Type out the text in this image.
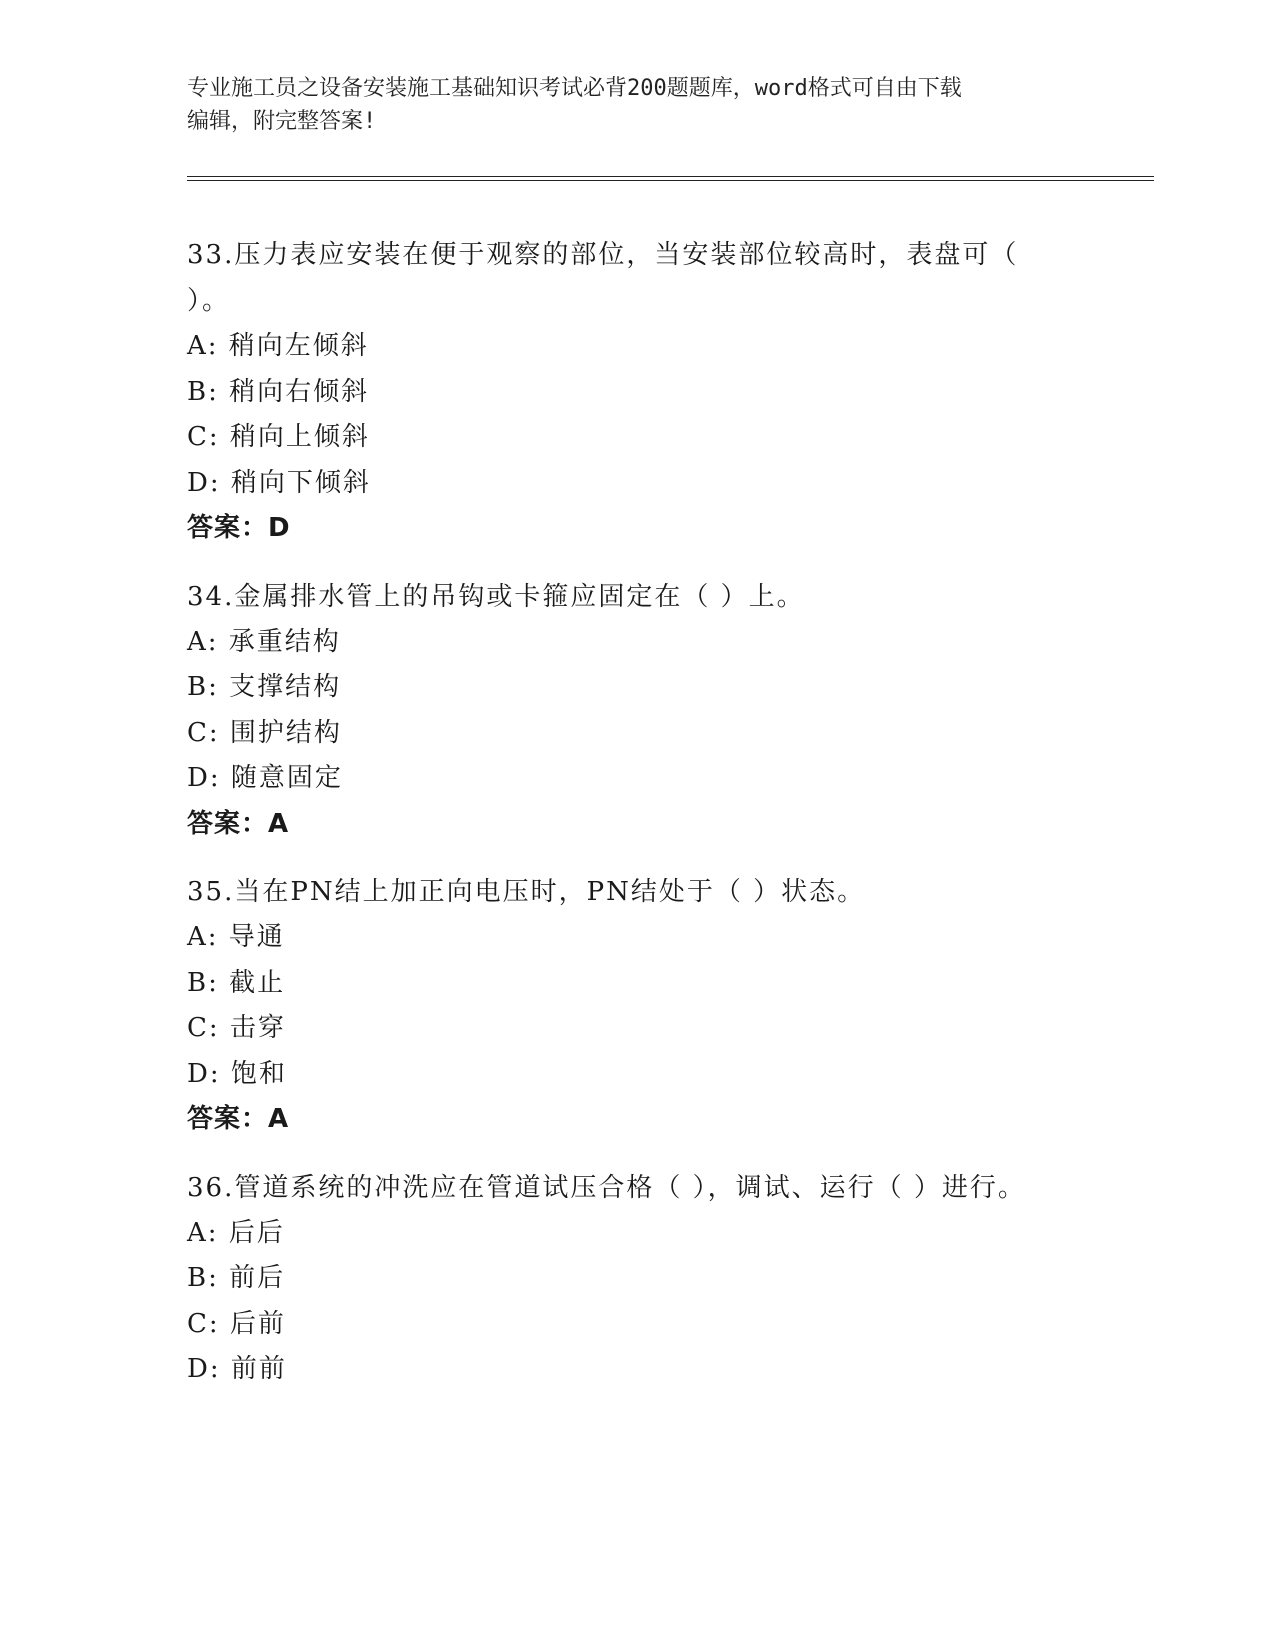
专业施工员之设备安装施工基础知识考试必背200题题库，word格式可自由下载
编辑，附完整答案!

33.压力表应安装在便于观察的部位，当安装部位较高时，表盘可（

）。

A: 稍向左倾斜

B: 稍向右倾斜

C: 稍向上倾斜

D: 稍向下倾斜

答案：D

34.金属排水管上的吊钩或卡箍应固定在（ ）上。

A: 承重结构

B: 支撑结构

C: 围护结构

D: 随意固定

答案：A

35.当在PN结上加正向电压时，PN结处于（ ）状态。

A: 导通

B: 截止

C: 击穿

D: 饱和

答案：A

36.管道系统的冲洗应在管道试压合格（ ），调试、运行（ ）进行。

A: 后后

B: 前后

C: 后前

D: 前前
